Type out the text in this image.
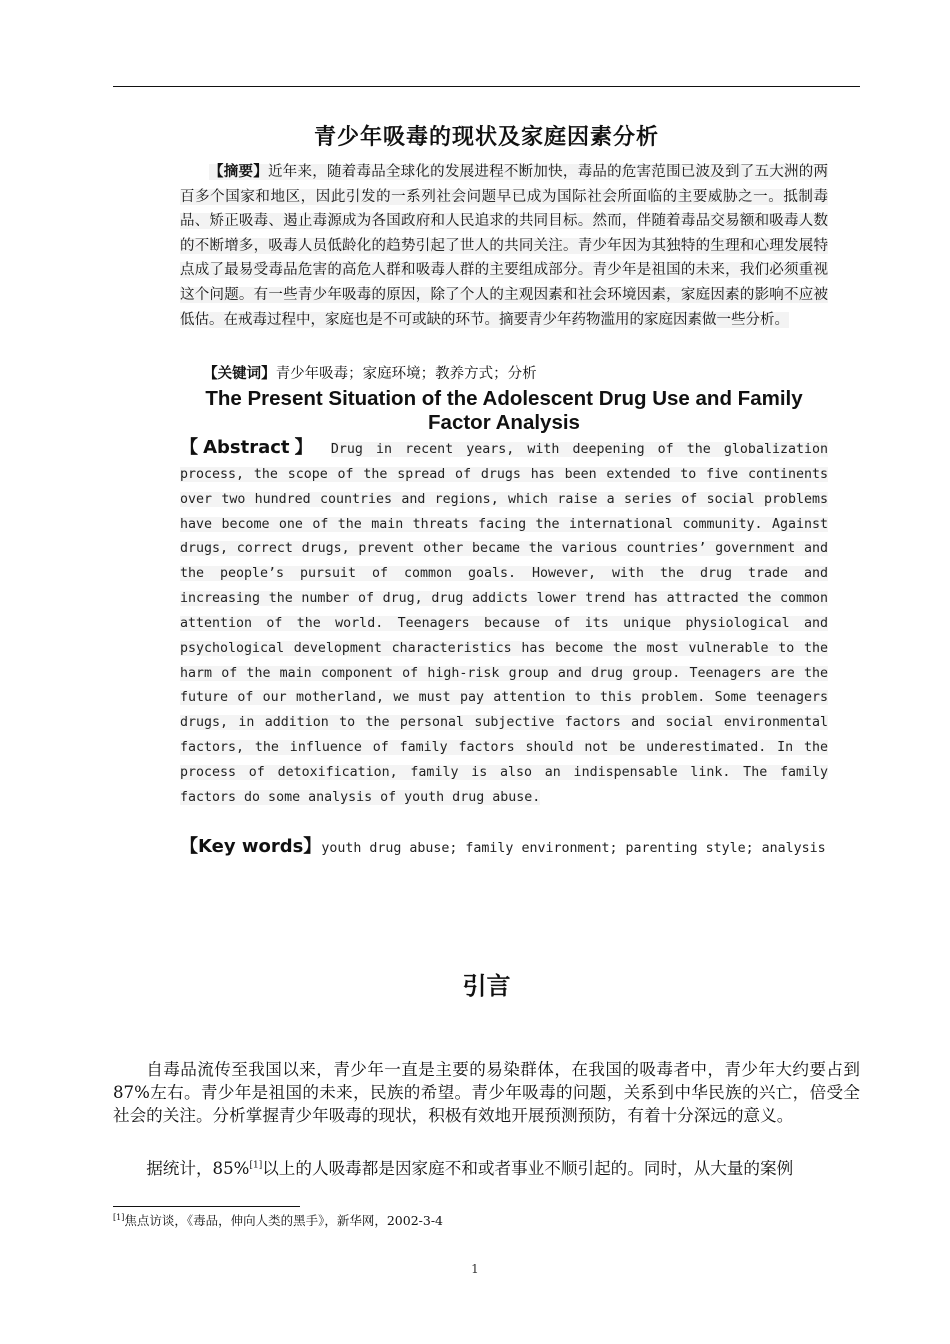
青少年吸毒的现状及家庭因素分析
【摘要】近年来，随着毒品全球化的发展进程不断加快，毒品的危害范围已波及到了五大洲的两百多个国家和地区，因此引发的一系列社会问题早已成为国际社会所面临的主要威胁之一。抵制毒品、矫正吸毒、遏止毒源成为各国政府和人民追求的共同目标。然而，伴随着毒品交易额和吸毒人数的不断增多，吸毒人员低龄化的趋势引起了世人的共同关注。青少年因为其独特的生理和心理发展特点成了最易受毒品危害的高危人群和吸毒人群的主要组成部分。青少年是祖国的未来，我们必须重视这个问题。有一些青少年吸毒的原因，除了个人的主观因素和社会环境因素，家庭因素的影响不应被低估。在戒毒过程中，家庭也是不可或缺的环节。摘要青少年药物滥用的家庭因素做一些分析。
【关键词】青少年吸毒；家庭环境；教养方式；分析
The Present Situation of the Adolescent Drug Use and Family Factor Analysis
【Abstract】 Drug in recent years, with deepening of the globalization process, the scope of the spread of drugs has been extended to five continents over two hundred countries and regions, which raise a series of social problems have become one of the main threats facing the international community. Against drugs, correct drugs, prevent other became the various countries’ government and the people’s pursuit of common goals. However, with the drug trade and increasing the number of drug, drug addicts lower trend has attracted the common attention of the world. Teenagers because of its unique physiological and psychological development characteristics has become the most vulnerable to the harm of the main component of high-risk group and drug group. Teenagers are the future of our motherland, we must pay attention to this problem. Some teenagers drugs, in addition to the personal subjective factors and social environmental factors, the influence of family factors should not be underestimated. In the process of detoxification, family is also an indispensable link. The family factors do some analysis of youth drug abuse.
【Key words】youth drug abuse; family environment; parenting style; analysis
引言
自毒品流传至我国以来，青少年一直是主要的易染群体，在我国的吸毒者中，青少年大约要占到87%左右。青少年是祖国的未来，民族的希望。青少年吸毒的问题，关系到中华民族的兴亡，倍受全社会的关注。分析掌握青少年吸毒的现状，积极有效地开展预测预防，有着十分深远的意义。
据统计，85%[1]以上的人吸毒都是因家庭不和或者事业不顺引起的。同时，从大量的案例
[1]焦点访谈，《毒品，伸向人类的黑手》，新华网，2002-3-4
1
